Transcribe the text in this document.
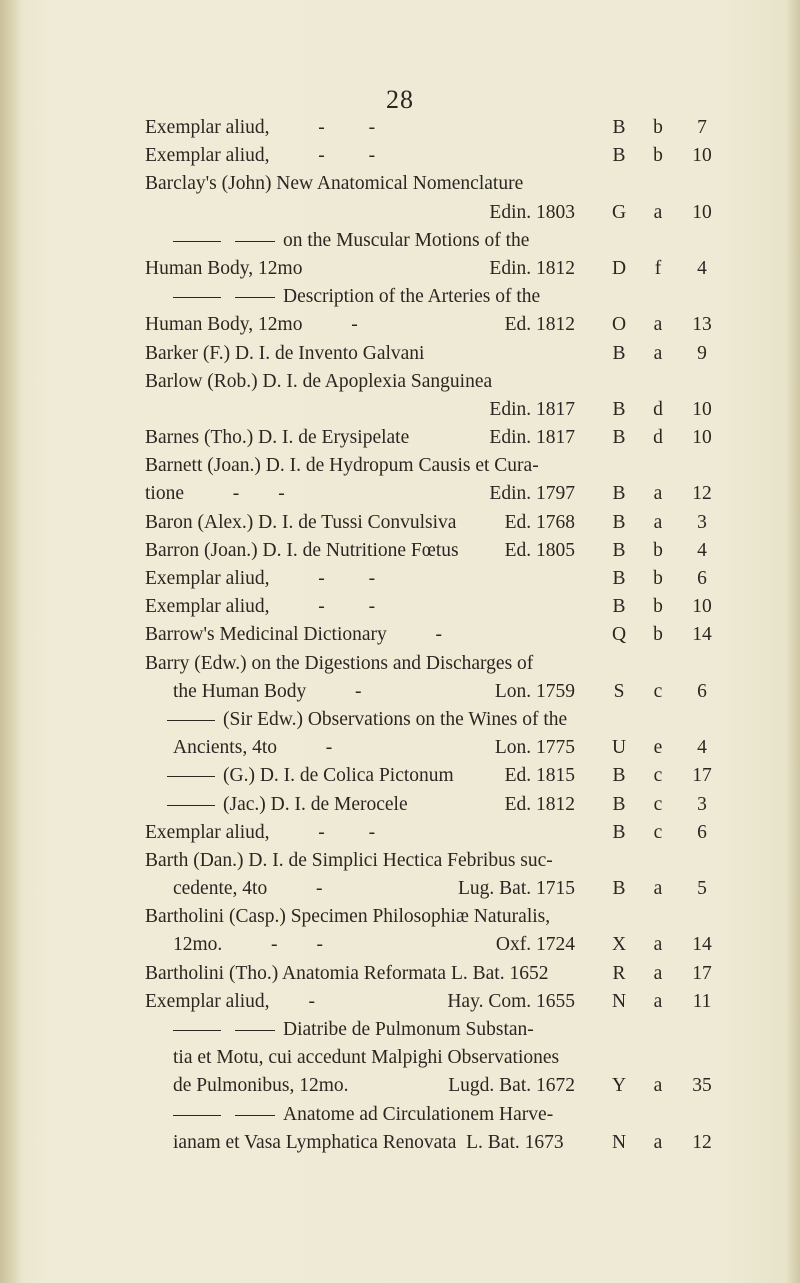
28
Exemplar aliud,          -         -	B b	7
Exemplar aliud,          -         -	B b	10
Barclay's (John) New Anatomical Nomenclature
Edin. 1803 G a	10
on the Muscular Motions of the
Human Body, 12mo	Edin. 1812 D f	4
Description of the Arteries of the
Human Body, 12mo          -	Ed. 1812 O a	13
Barker (F.) D. I. de Invento Galvani	B a	9
Barlow (Rob.) D. I. de Apoplexia Sanguinea
Edin. 1817 B d	10
Barnes (Tho.) D. I. de Erysipelate	Edin. 1817 B d	10
Barnett (Joan.) D. I. de Hydropum Causis et Cura-
tione          -        -	Edin. 1797 B a	12
Baron (Alex.) D. I. de Tussi Convulsiva Ed. 1768 B a	3
Barron (Joan.) D. I. de Nutritione Fœtus Ed. 1805 B b	4
Exemplar aliud,          -         -	B b	6
Exemplar aliud,          -         -	B b	10
Barrow's Medicinal Dictionary          -	Q b	14
Barry (Edw.) on the Digestions and Discharges of
the Human Body          -	Lon. 1759 S c	6
(Sir Edw.) Observations on the Wines of the
Ancients, 4to          -	Lon. 1775 U e	4
(G.) D. I. de Colica Pictonum	Ed. 1815 B c	17
(Jac.) D. I. de Merocele	Ed. 1812 B c	3
Exemplar aliud,          -         -	B c	6
Barth (Dan.) D. I. de Simplici Hectica Febribus suc-
cedente, 4to          -	Lug. Bat. 1715 B a	5
Bartholini (Casp.) Specimen Philosophiæ Naturalis,
12mo.          -        -	Oxf. 1724 X a	14
Bartholini (Tho.) Anatomia Reformata L. Bat. 1652	R a	17
Exemplar aliud,        -	Hay. Com. 1655 N a	11
Diatribe de Pulmonum Substan-
tia et Motu, cui accedunt Malpighi Observationes
de Pulmonibus, 12mo.	Lugd. Bat. 1672 Y a	35
Anatome ad Circulationem Harve-
ianam et Vasa Lymphatica Renovata  L. Bat. 1673 N a	12
